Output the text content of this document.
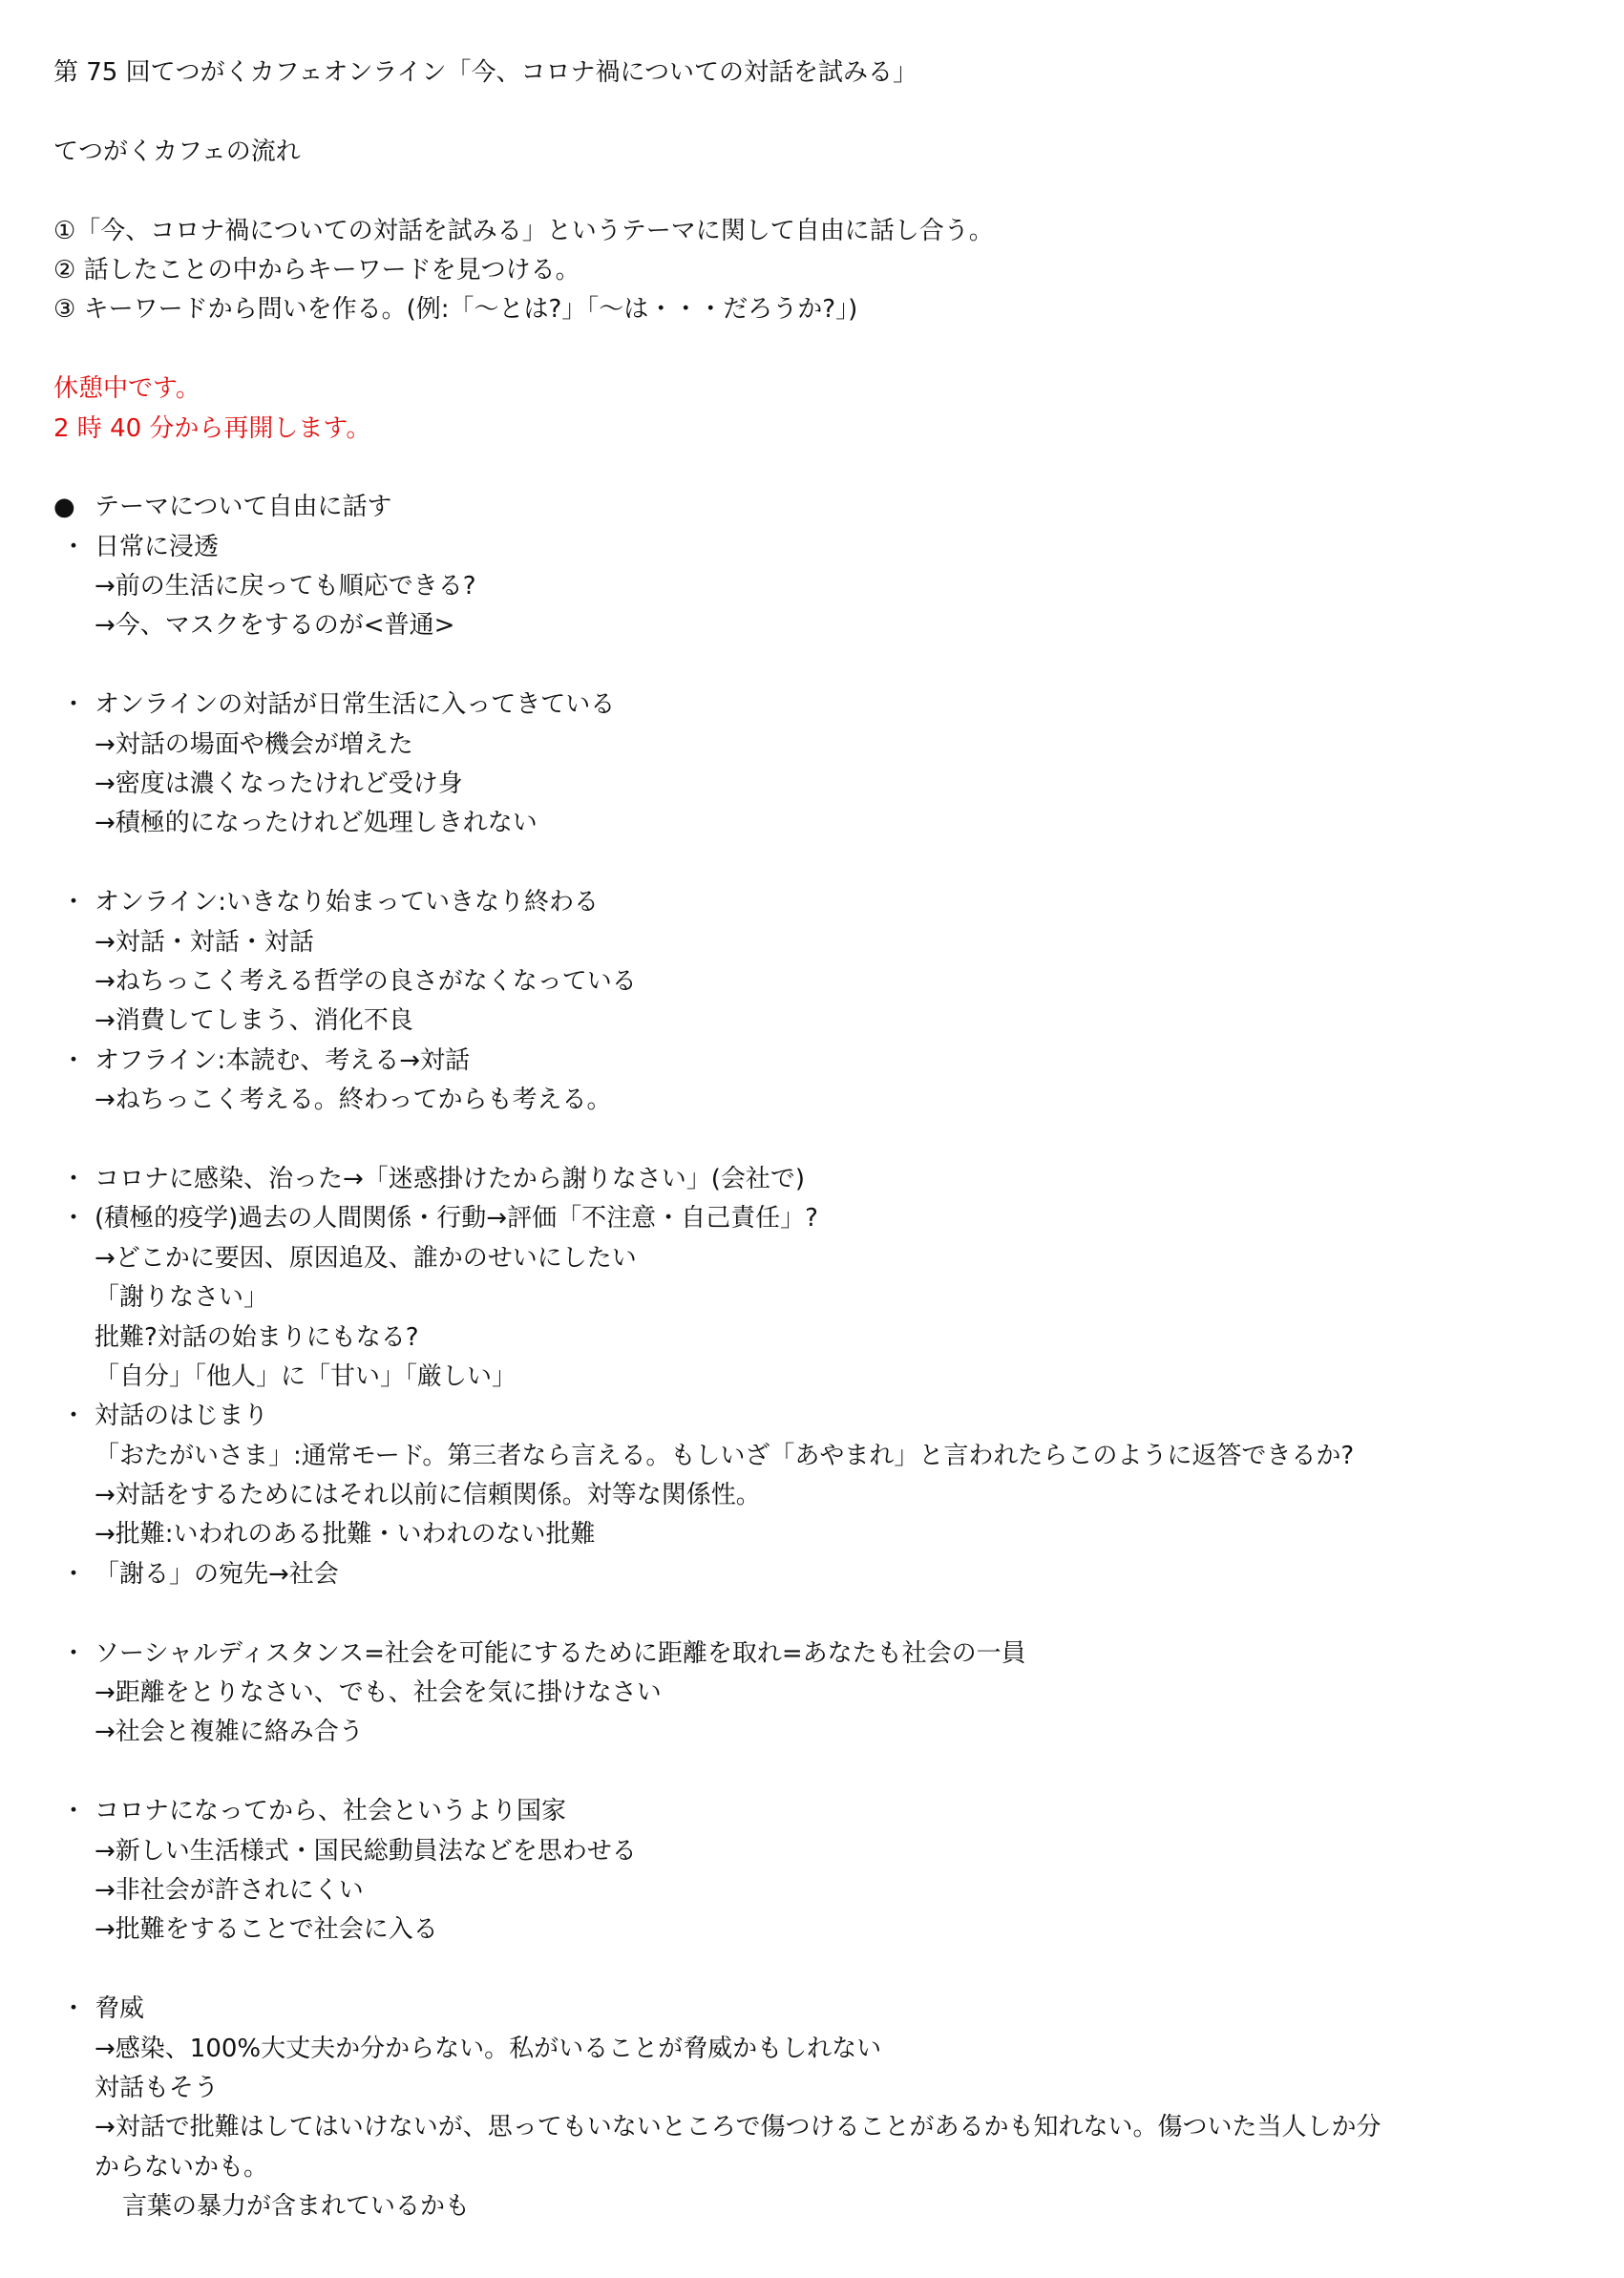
第 75 回てつがくカフェオンライン「今、コロナ禍についての対話を試みる」
てつがくカフェの流れ
①「今、コロナ禍についての対話を試みる」というテーマに関して自由に話し合う。
② 話したことの中からキーワードを見つける。
③ キーワードから問いを作る。(例:「〜とは?」「〜は・・・だろうか?」)
休憩中です。
2 時 40 分から再開します。
● テーマについて自由に話す
・ 日常に浸透
→前の生活に戻っても順応できる?
→今、マスクをするのが<普通>
・ オンラインの対話が日常生活に入ってきている
→対話の場面や機会が増えた
→密度は濃くなったけれど受け身
→積極的になったけれど処理しきれない
・ オンライン:いきなり始まっていきなり終わる
→対話・対話・対話
→ねちっこく考える哲学の良さがなくなっている
→消費してしまう、消化不良
・ オフライン:本読む、考える→対話
→ねちっこく考える。終わってからも考える。
・ コロナに感染、治った→「迷惑掛けたから謝りなさい」(会社で)
・ (積極的疫学)過去の人間関係・行動→評価「不注意・自己責任」?
→どこかに要因、原因追及、誰かのせいにしたい
「謝りなさい」
批難?対話の始まりにもなる?
「自分」「他人」に「甘い」「厳しい」
・ 対話のはじまり
「おたがいさま」:通常モード。第三者なら言える。もしいざ「あやまれ」と言われたらこのように返答できるか?
→対話をするためにはそれ以前に信頼関係。対等な関係性。
→批難:いわれのある批難・いわれのない批難
・ 「謝る」の宛先→社会
・ ソーシャルディスタンス=社会を可能にするために距離を取れ=あなたも社会の一員
→距離をとりなさい、でも、社会を気に掛けなさい
→社会と複雑に絡み合う
・ コロナになってから、社会というより国家
→新しい生活様式・国民総動員法などを思わせる
→非社会が許されにくい
→批難をすることで社会に入る
・ 脅威
→感染、100%大丈夫か分からない。私がいることが脅威かもしれない
対話もそう
→対話で批難はしてはいけないが、思ってもいないところで傷つけることがあるかも知れない。傷ついた当人しか分
からないかも。
言葉の暴力が含まれているかも
